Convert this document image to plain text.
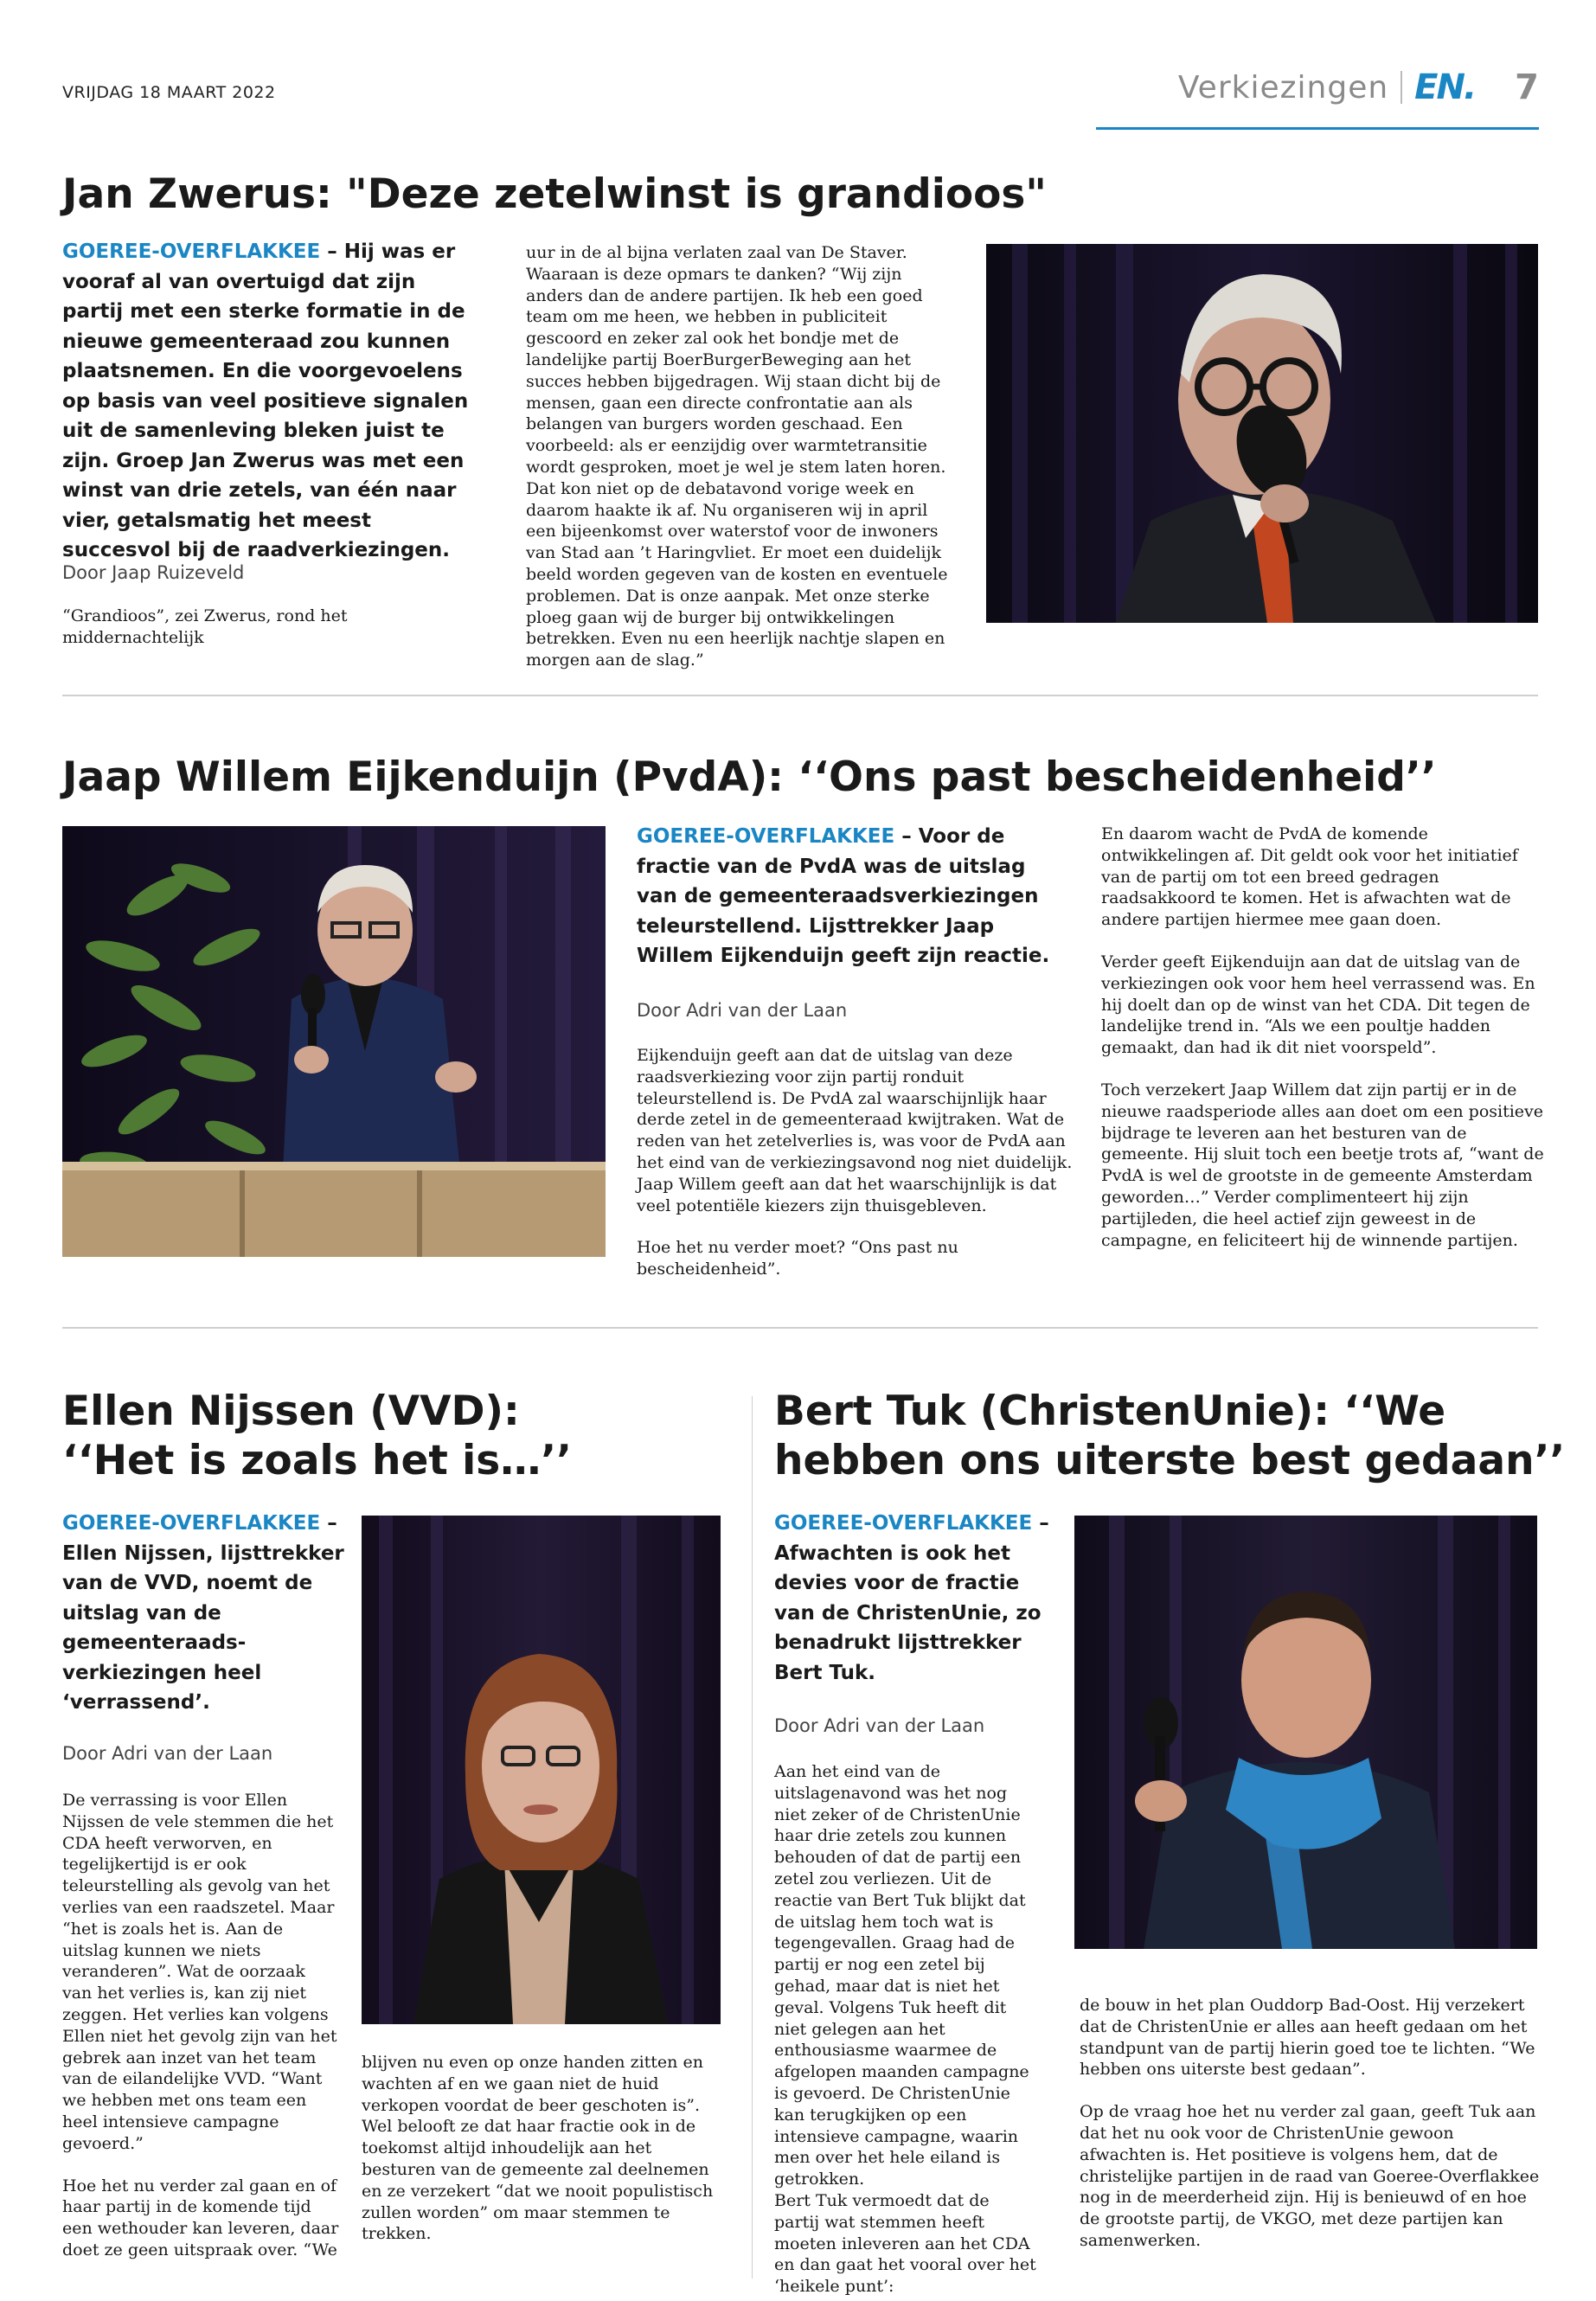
VRIJDAG 18 MAART 2022	Verkiezingen EN. 7
Jan Zwerus: "Deze zetelwinst is grandioos"
GOEREE-OVERFLAKKEE – Hij was er vooraf al van overtuigd dat zijn partij met een sterke formatie in de nieuwe gemeenteraad zou kunnen plaatsnemen. En die voorgevoelens op basis van veel positieve signalen uit de samenleving bleken juist te zijn. Groep Jan Zwerus was met een winst van drie zetels, van één naar vier, getalsmatig het meest succesvol bij de raadverkiezingen.
Door Jaap Ruizeveld
“Grandioos”, zei Zwerus, rond het middernachtelijk
uur in de al bijna verlaten zaal van De Staver. Waaraan is deze opmars te danken? “Wij zijn anders dan de andere partijen. Ik heb een goed team om me heen, we hebben in publiciteit gescoord en zeker zal ook het bondje met de landelijke partij BoerBurgerBeweging aan het succes hebben bijgedragen. Wij staan dicht bij de mensen, gaan een directe confrontatie aan als belangen van burgers worden geschaad. Een voorbeeld: als er eenzijdig over warmtetransitie wordt gesproken, moet je wel je stem laten horen. Dat kon niet op de debatavond vorige week en daarom haakte ik af. Nu organiseren wij in april een bijeenkomst over waterstof voor de inwoners van Stad aan ’t Haringvliet. Er moet een duidelijk beeld worden gegeven van de kosten en eventuele problemen. Dat is onze aanpak. Met onze sterke ploeg gaan wij de burger bij ontwikkelingen betrekken. Even nu een heerlijk nachtje slapen en morgen aan de slag.”
Jaap Willem Eijkenduijn (PvdA): ‘‘Ons past bescheidenheid’’
GOEREE-OVERFLAKKEE – Voor de fractie van de PvdA was de uitslag van de gemeenteraadsverkiezingen teleurstellend. Lijsttrekker Jaap Willem Eijkenduijn geeft zijn reactie.
Door Adri van der Laan

Eijkenduijn geeft aan dat de uitslag van deze raadsverkiezing voor zijn partij ronduit teleurstellend is. De PvdA zal waarschijnlijk haar derde zetel in de gemeenteraad kwijtraken. Wat de reden van het zetelverlies is, was voor de PvdA aan het eind van de verkiezingsavond nog niet duidelijk. Jaap Willem geeft aan dat het waarschijnlijk is dat veel potentiële kiezers zijn thuisgebleven.

Hoe het nu verder moet? “Ons past nu bescheidenheid”.

En daarom wacht de PvdA de komende ontwikkelingen af. Dit geldt ook voor het initiatief van de partij om tot een breed gedragen raadsakkoord te komen. Het is afwachten wat de andere partijen hiermee mee gaan doen.

Verder geeft Eijkenduijn aan dat de uitslag van de verkiezingen ook voor hem heel verrassend was. En hij doelt dan op de winst van het CDA. Dit tegen de landelijke trend in. “Als we een poultje hadden gemaakt, dan had ik dit niet voorspeld”.

Toch verzekert Jaap Willem dat zijn partij er in de nieuwe raadsperiode alles aan doet om een positieve bijdrage te leveren aan het besturen van de gemeente. Hij sluit toch een beetje trots af, “want de PvdA is wel de grootste in de gemeente Amsterdam geworden…” Verder complimenteert hij zijn partijleden, die heel actief zijn geweest in de campagne, en feliciteert hij de winnende partijen.

Ellen Nijssen (VVD):
‘‘Het is zoals het is…’’
GOEREE-OVERFLAKKEE – Ellen Nijssen, lijsttrekker van de VVD, noemt de uitslag van de gemeenteraads-verkiezingen heel ‘verrassend’.
Door Adri van der Laan

De verrassing is voor Ellen Nijssen de vele stemmen die het CDA heeft verworven, en tegelijkertijd is er ook teleurstelling als gevolg van het verlies van een raadszetel. Maar “het is zoals het is. Aan de uitslag kunnen we niets veranderen”. Wat de oorzaak van het verlies is, kan zij niet zeggen. Het verlies kan volgens Ellen niet het gevolg zijn van het gebrek aan inzet van het team van de eilandelijke VVD. “Want we hebben met ons team een heel intensieve campagne gevoerd.”

Hoe het nu verder zal gaan en of haar partij in de komende tijd een wethouder kan leveren, daar doet ze geen uitspraak over. “We

blijven nu even op onze handen zitten en wachten af en we gaan niet de huid verkopen voordat de beer geschoten is”. Wel belooft ze dat haar fractie ook in de toekomst altijd inhoudelijk aan het besturen van de gemeente zal deelnemen en ze verzekert “dat we nooit populistisch zullen worden” om maar stemmen te trekken.
Bert Tuk (ChristenUnie): ‘‘We
hebben ons uiterste best gedaan’’
GOEREE-OVERFLAKKEE – Afwachten is ook het devies voor de fractie van de ChristenUnie, zo benadrukt lijsttrekker Bert Tuk.
Door Adri van der Laan

Aan het eind van de uitslagenavond was het nog niet zeker of de ChristenUnie haar drie zetels zou kunnen behouden of dat de partij een zetel zou verliezen. Uit de reactie van Bert Tuk blijkt dat de uitslag hem toch wat is tegengevallen. Graag had de partij er nog een zetel bij gehad, maar dat is niet het geval. Volgens Tuk heeft dit niet gelegen aan het enthousiasme waarmee de afgelopen maanden campagne is gevoerd. De ChristenUnie kan terugkijken op een intensieve campagne, waarin men over het hele eiland is getrokken.

Bert Tuk vermoedt dat de partij wat stemmen heeft moeten inleveren aan het CDA en dan gaat het vooral over het ‘heikele punt’:

de bouw in het plan Ouddorp Bad-Oost. Hij verzekert dat de ChristenUnie er alles aan heeft gedaan om het standpunt van de partij hierin goed toe te lichten. “We hebben ons uiterste best gedaan”.

Op de vraag hoe het nu verder zal gaan, geeft Tuk aan dat het nu ook voor de ChristenUnie gewoon afwachten is. Het positieve is volgens hem, dat de christelijke partijen in de raad van Goeree-Overflakkee nog in de meerderheid zijn. Hij is benieuwd of en hoe de grootste partij, de VKGO, met deze partijen kan samenwerken.
